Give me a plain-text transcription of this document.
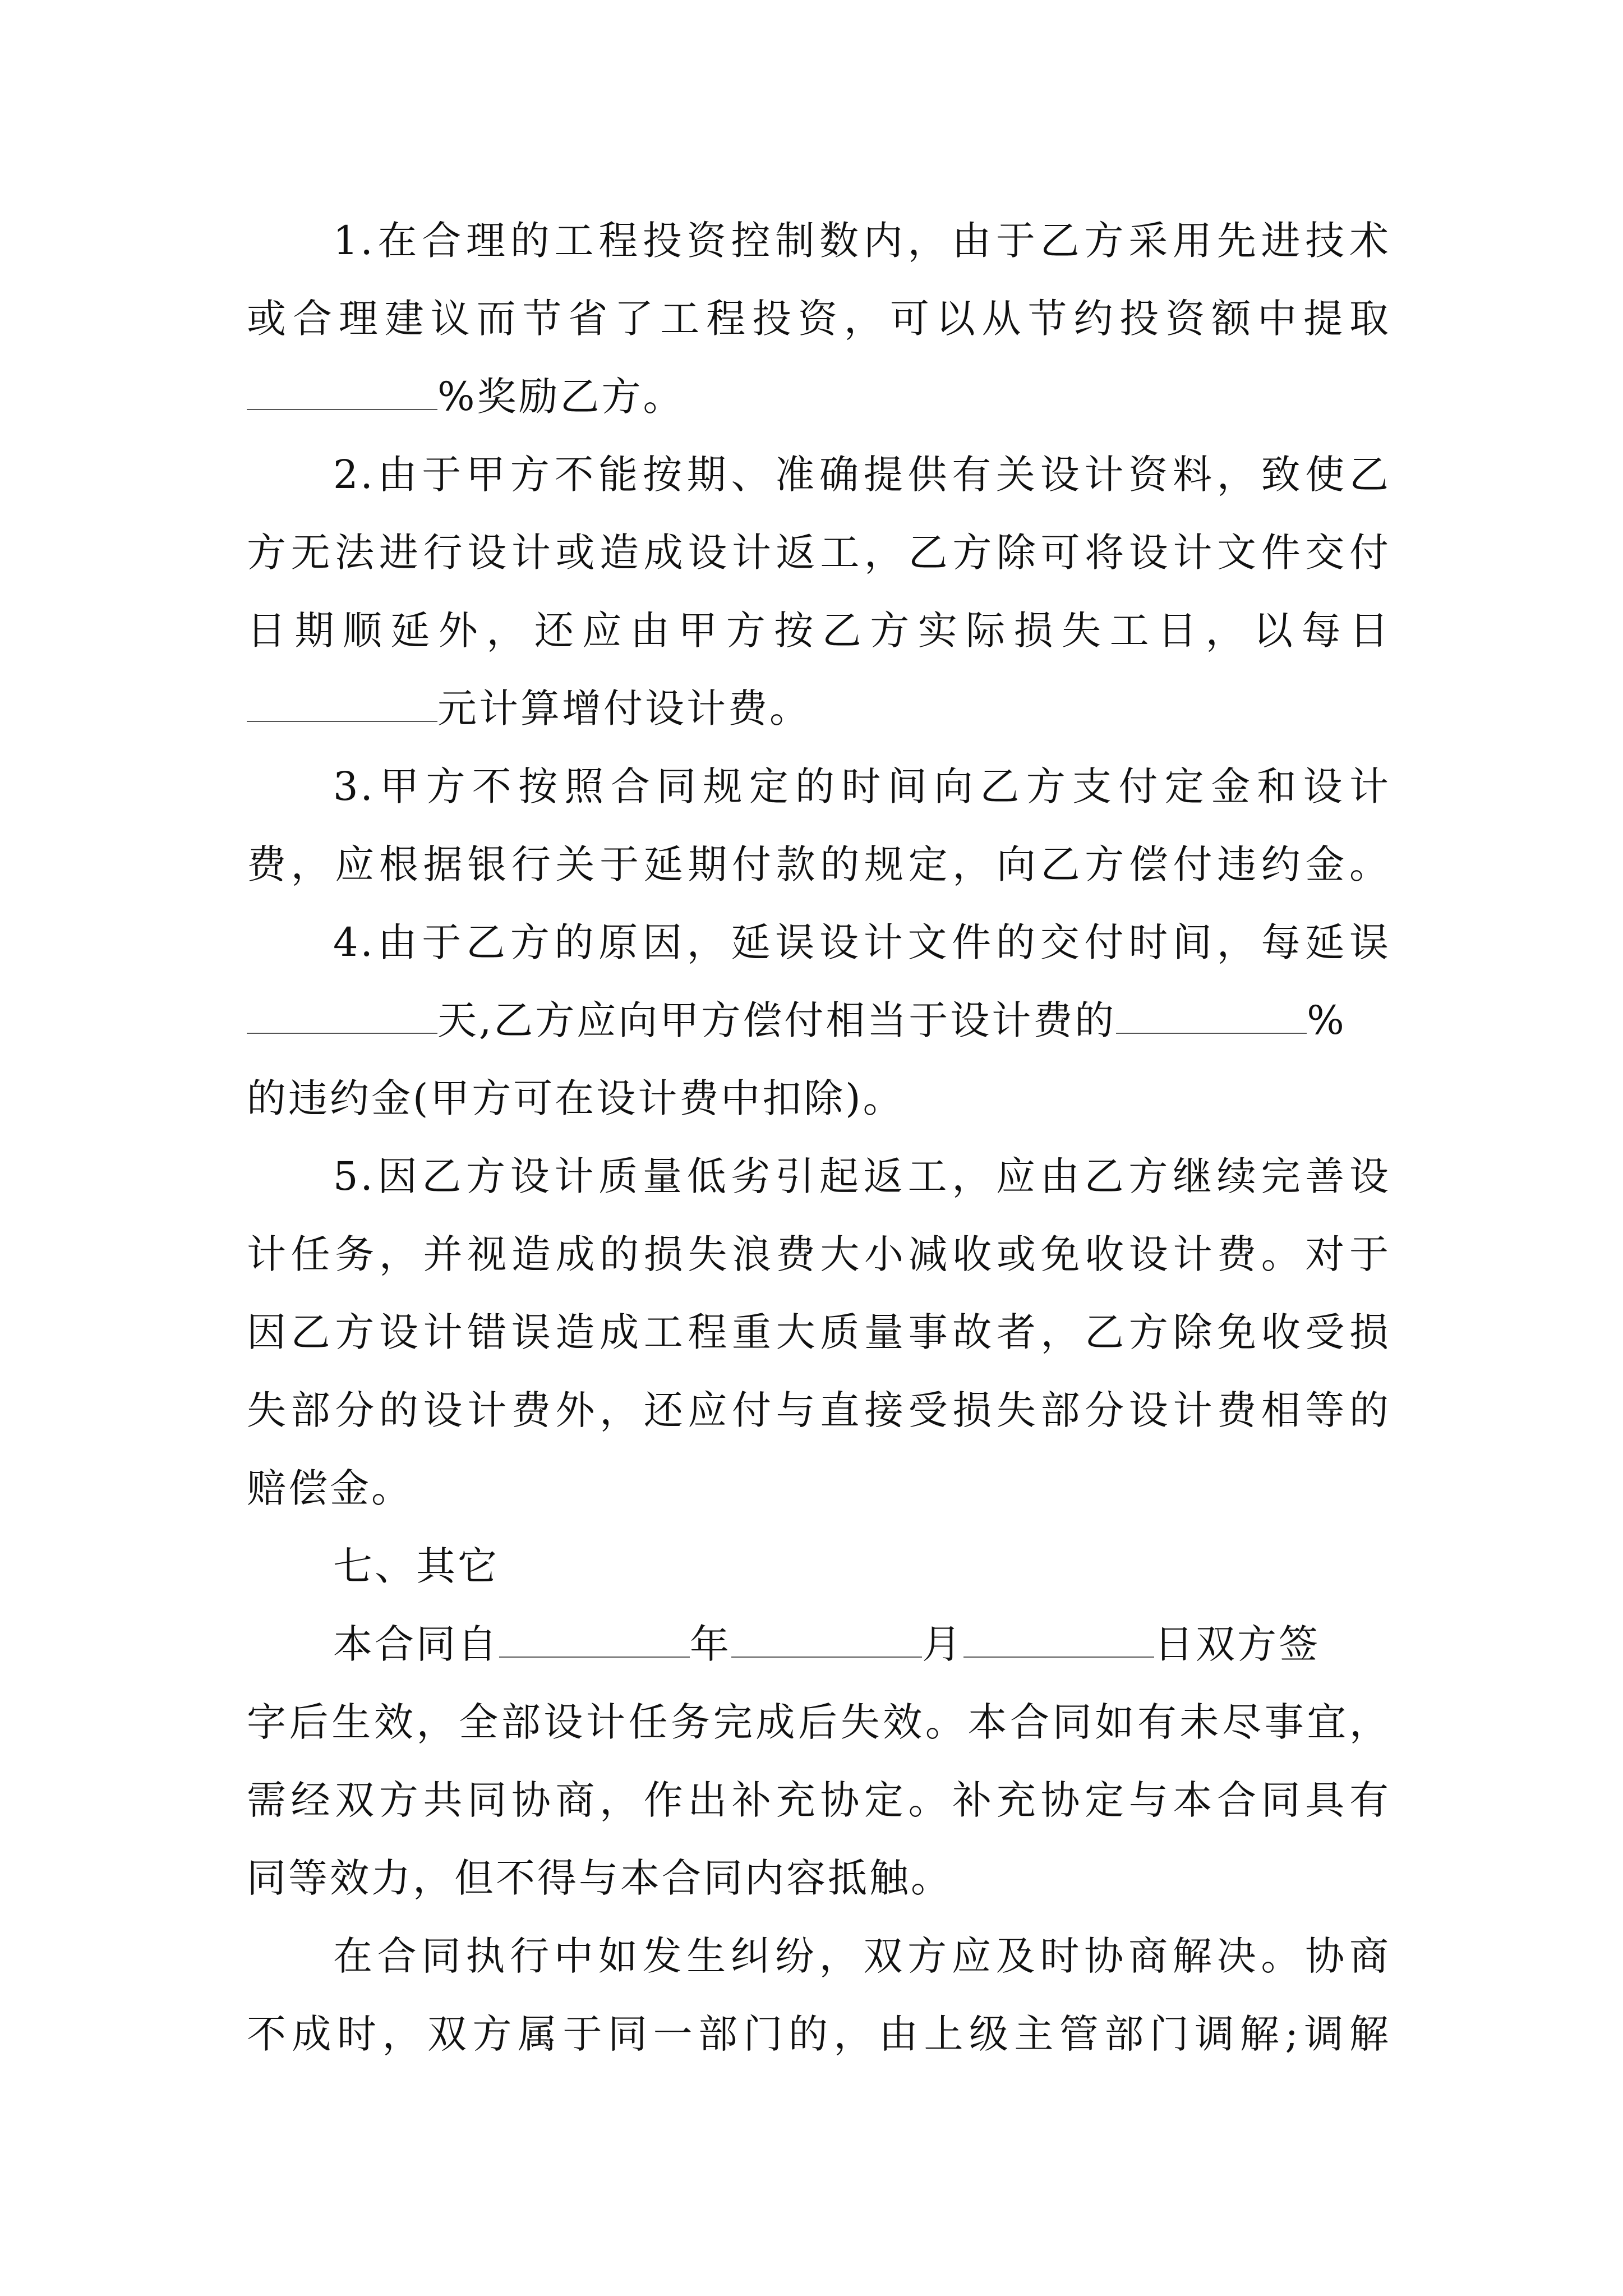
1.在合理的工程投资控制数内，由于乙方采用先进技术
或合理建议而节省了工程投资，可以从节约投资额中提取
%奖励乙方。
2.由于甲方不能按期、准确提供有关设计资料，致使乙
方无法进行设计或造成设计返工，乙方除可将设计文件交付
日期顺延外，还应由甲方按乙方实际损失工日，以每日
元计算增付设计费。
3.甲方不按照合同规定的时间向乙方支付定金和设计
费，应根据银行关于延期付款的规定，向乙方偿付违约金。
4.由于乙方的原因，延误设计文件的交付时间，每延误
天,乙方应向甲方偿付相当于设计费的	%
的违约金(甲方可在设计费中扣除)。
5.因乙方设计质量低劣引起返工，应由乙方继续完善设
计任务，并视造成的损失浪费大小减收或免收设计费。对于
因乙方设计错误造成工程重大质量事故者，乙方除免收受损
失部分的设计费外，还应付与直接受损失部分设计费相等的
赔偿金。
七、其它
本合同自	年	月	日双方签
字后生效，全部设计任务完成后失效。本合同如有未尽事宜，
需经双方共同协商，作出补充协定。补充协定与本合同具有
同等效力，但不得与本合同内容抵触。
在合同执行中如发生纠纷，双方应及时协商解决。协商
不成时，双方属于同一部门的，由上级主管部门调解;调解
